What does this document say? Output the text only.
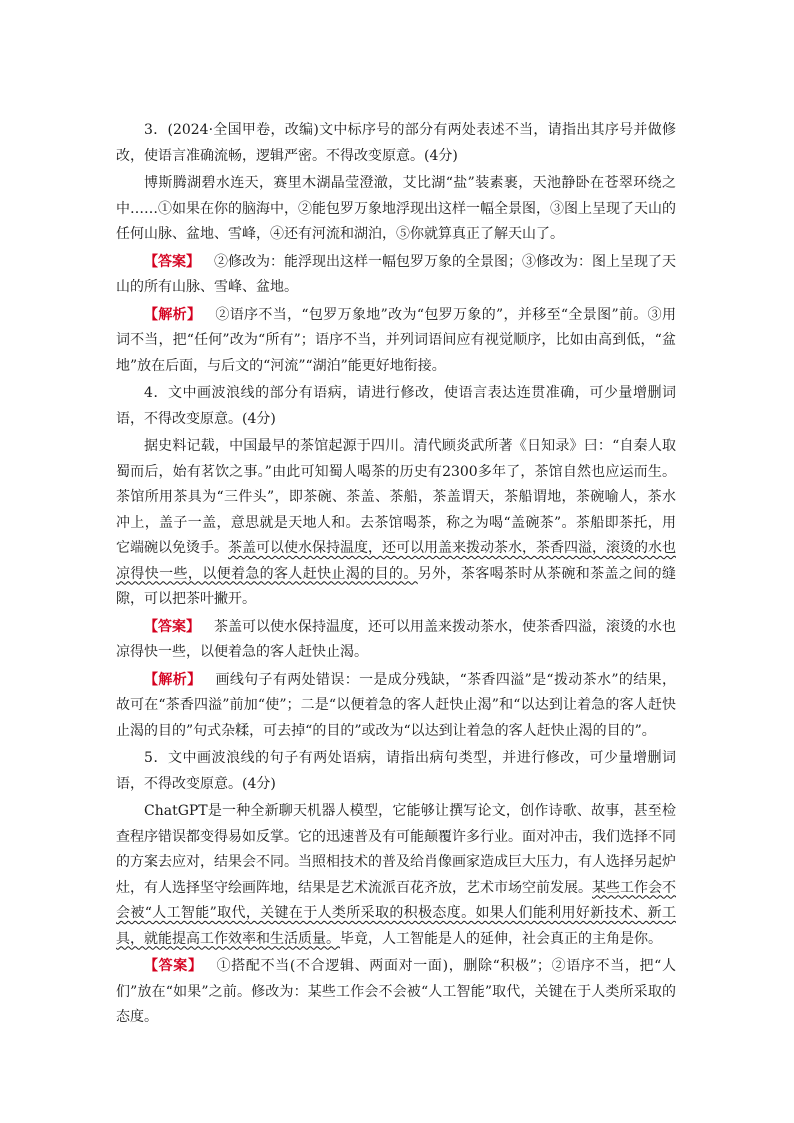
3．(2024·全国甲卷，改编)文中标序号的部分有两处表述不当，请指出其序号并做修改，使语言准确流畅，逻辑严密。不得改变原意。(4分)

博斯腾湖碧水连天，赛里木湖晶莹澄澈，艾比湖“盐”装素裹，天池静卧在苍翠环绕之中……①如果在你的脑海中，②能包罗万象地浮现出这样一幅全景图，③图上呈现了天山的任何山脉、盆地、雪峰，④还有河流和湖泊，⑤你就算真正了解天山了。

【答案】 ②修改为：能浮现出这样一幅包罗万象的全景图；③修改为：图上呈现了天山的所有山脉、雪峰、盆地。

【解析】 ②语序不当，“包罗万象地”改为“包罗万象的”，并移至“全景图”前。③用词不当，把“任何”改为“所有”；语序不当，并列词语间应有视觉顺序，比如由高到低，“盆地”放在后面，与后文的“河流”“湖泊”能更好地衔接。

4．文中画波浪线的部分有语病，请进行修改，使语言表达连贯准确，可少量增删词语，不得改变原意。(4分)

据史料记载，中国最早的茶馆起源于四川。清代顾炎武所著《日知录》曰：“自秦人取蜀而后，始有茗饮之事。”由此可知蜀人喝茶的历史有2300多年了，茶馆自然也应运而生。茶馆所用茶具为“三件头”，即茶碗、茶盖、茶船，茶盖谓天，茶船谓地，茶碗喻人，茶水冲上，盖子一盖，意思就是天地人和。去茶馆喝茶，称之为喝“盖碗茶”。茶船即茶托，用它端碗以免烫手。茶盖可以使水保持温度，还可以用盖来拨动茶水，茶香四溢，滚烫的水也凉得快一些，以便着急的客人赶快止渴的目的。另外，茶客喝茶时从茶碗和茶盖之间的缝隙，可以把茶叶撇开。

【答案】 茶盖可以使水保持温度，还可以用盖来拨动茶水，使茶香四溢，滚烫的水也凉得快一些，以便着急的客人赶快止渴。

【解析】 画线句子有两处错误：一是成分残缺，“茶香四溢”是“拨动茶水”的结果，故可在“茶香四溢”前加“使”；二是“以便着急的客人赶快止渴”和“以达到让着急的客人赶快止渴的目的”句式杂糅，可去掉“的目的”或改为“以达到让着急的客人赶快止渴的目的”。

5．文中画波浪线的句子有两处语病，请指出病句类型，并进行修改，可少量增删词语，不得改变原意。(4分)

ChatGPT是一种全新聊天机器人模型，它能够让撰写论文，创作诗歌、故事，甚至检查程序错误都变得易如反掌。它的迅速普及有可能颠覆许多行业。面对冲击，我们选择不同的方案去应对，结果会不同。当照相技术的普及给肖像画家造成巨大压力，有人选择另起炉灶，有人选择坚守绘画阵地，结果是艺术流派百花齐放，艺术市场空前发展。某些工作会不会被“人工智能”取代，关键在于人类所采取的积极态度。如果人们能利用好新技术、新工具，就能提高工作效率和生活质量。毕竟，人工智能是人的延伸，社会真正的主角是你。

【答案】 ①搭配不当(不合逻辑、两面对一面)，删除“积极”；②语序不当，把“人们”放在“如果”之前。修改为：某些工作会不会被“人工智能”取代，关键在于人类所采取的态度。
